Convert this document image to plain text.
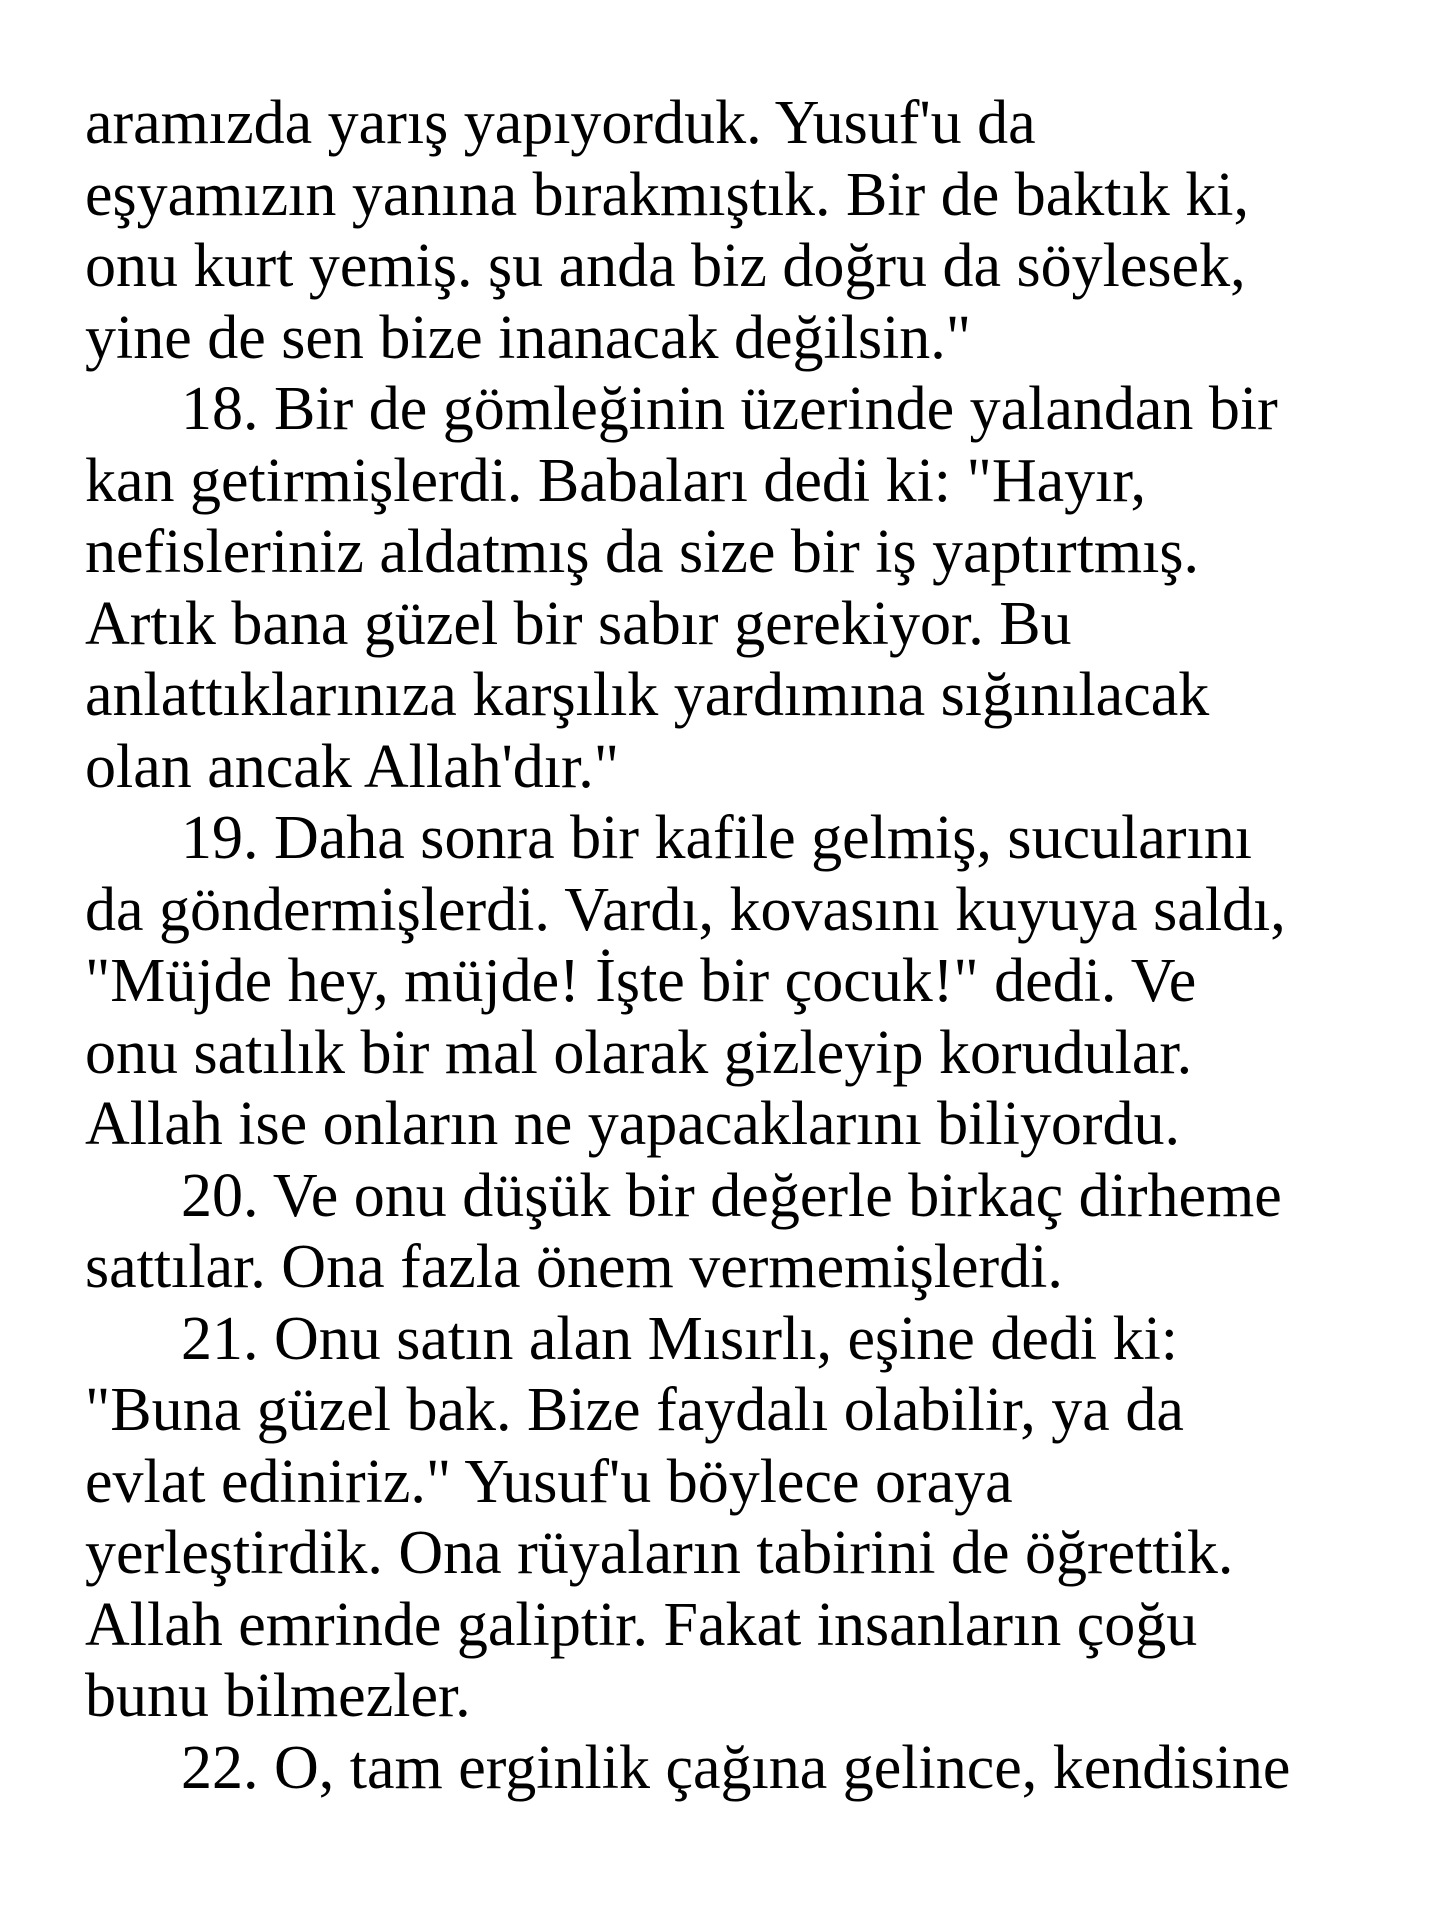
aramızda yarış yapıyorduk. Yusuf'u da
eşyamızın yanına bırakmıştık. Bir de baktık ki,
onu kurt yemiş. şu anda biz doğru da söylesek,
yine de sen bize inanacak değilsin."
18. Bir de gömleğinin üzerinde yalandan bir
kan getirmişlerdi. Babaları dedi ki: "Hayır,
nefisleriniz aldatmış da size bir iş yaptırtmış.
Artık bana güzel bir sabır gerekiyor. Bu
anlattıklarınıza karşılık yardımına sığınılacak
olan ancak Allah'dır."
19. Daha sonra bir kafile gelmiş, sucularını
da göndermişlerdi. Vardı, kovasını kuyuya saldı,
"Müjde hey, müjde! İşte bir çocuk!" dedi. Ve
onu satılık bir mal olarak gizleyip korudular.
Allah ise onların ne yapacaklarını biliyordu.
20. Ve onu düşük bir değerle birkaç dirheme
sattılar. Ona fazla önem vermemişlerdi.
21. Onu satın alan Mısırlı, eşine dedi ki:
"Buna güzel bak. Bize faydalı olabilir, ya da
evlat ediniriz." Yusuf'u böylece oraya
yerleştirdik. Ona rüyaların tabirini de öğrettik.
Allah emrinde galiptir. Fakat insanların çoğu
bunu bilmezler.
22. O, tam erginlik çağına gelince, kendisine
